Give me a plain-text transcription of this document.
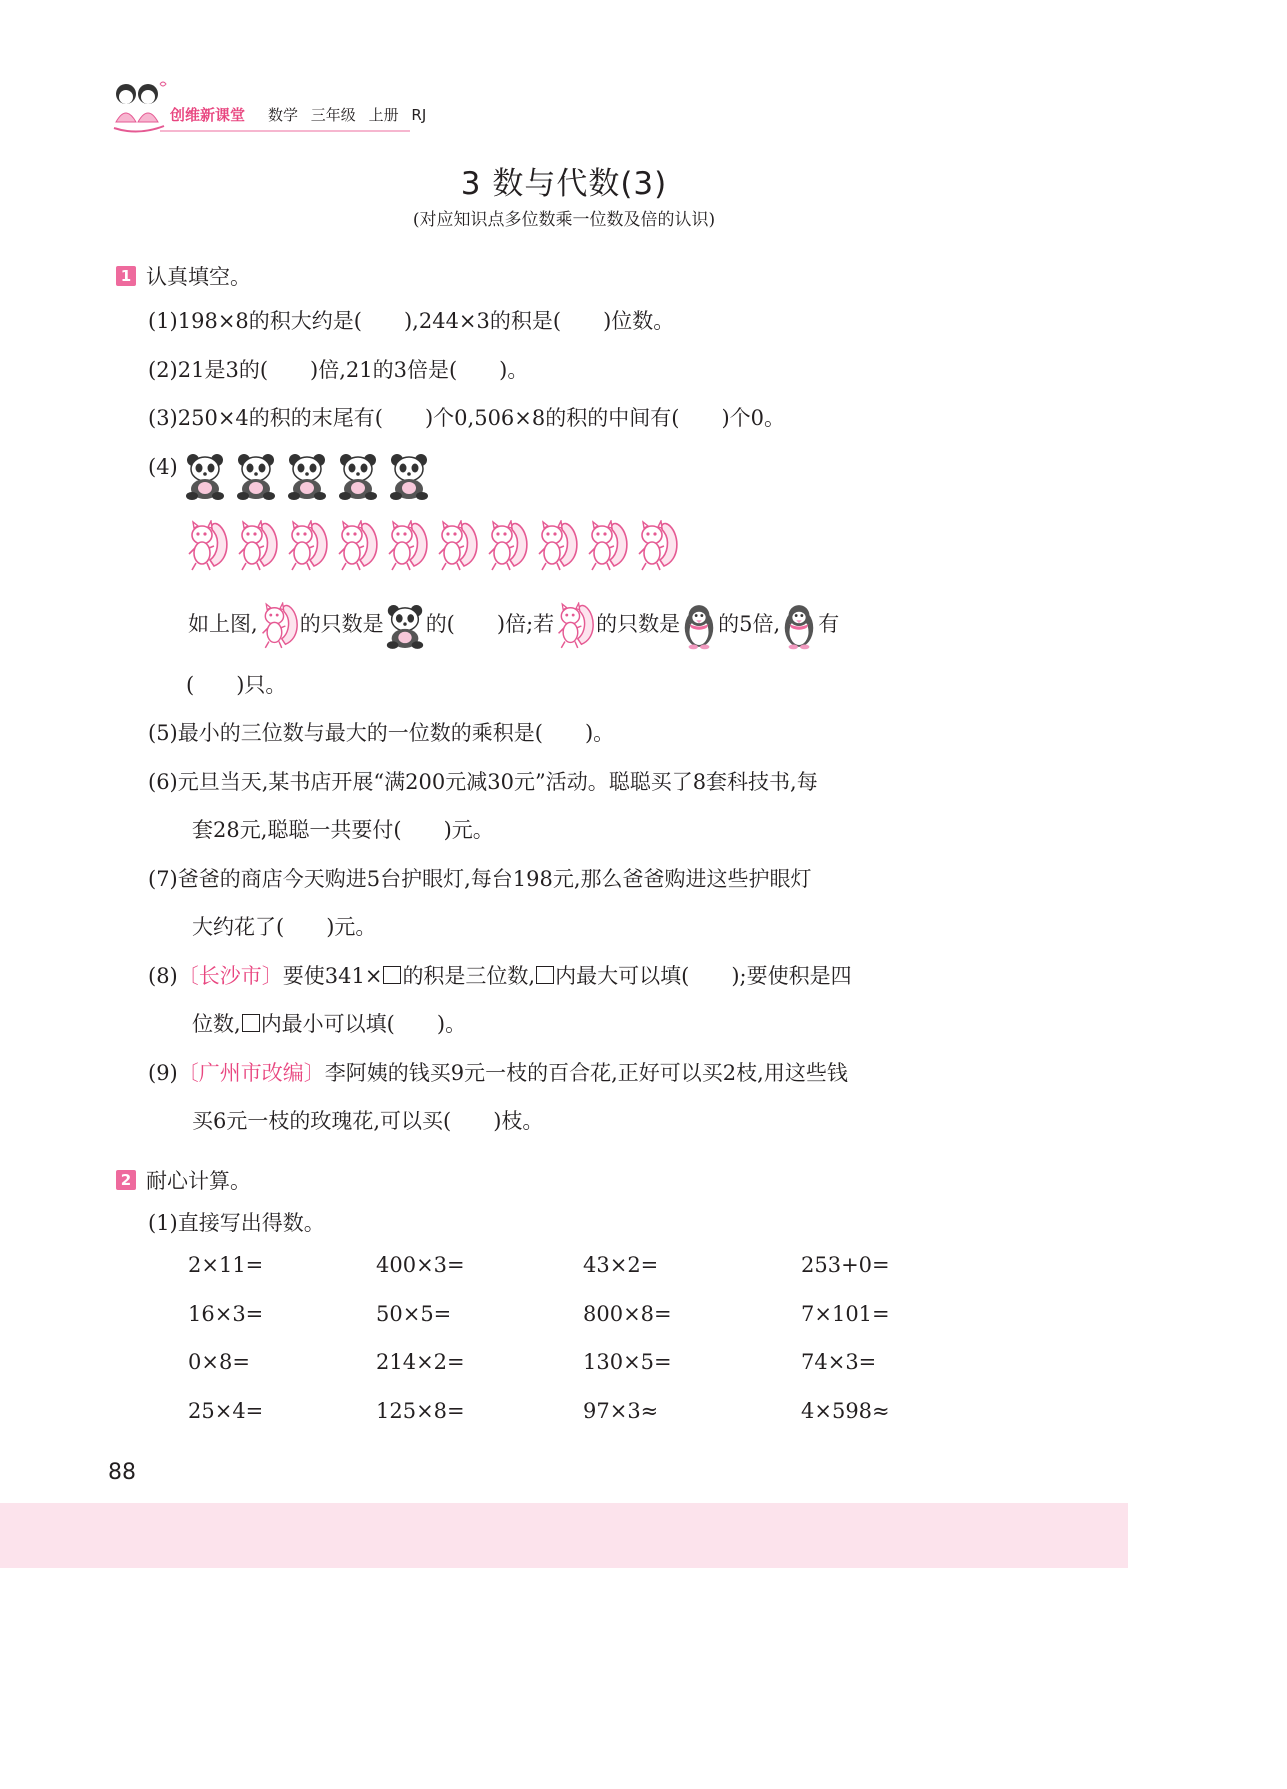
创维新课堂 数学 三年级 上册 RJ
3 数与代数(3)
(对应知识点多位数乘一位数及倍的认识)
1 认真填空。
(1)198×8的积大约是(　　),244×3的积是(　　)位数。
(2)21是3的(　　)倍,21的3倍是(　　)。
(3)250×4的积的末尾有(　　)个0,506×8的积的中间有(　　)个0。
(4)
如上图, 的只数是 的(　　)倍;若 的只数是 的5倍, 有
(　　)只。
(5)最小的三位数与最大的一位数的乘积是(　　)。
(6)元旦当天,某书店开展“满200元减30元”活动。聪聪买了8套科技书,每
套28元,聪聪一共要付(　　)元。
(7)爸爸的商店今天购进5台护眼灯,每台198元,那么爸爸购进这些护眼灯
大约花了(　　)元。
(8)〔长沙市〕要使341× 的积是三位数, 内最大可以填(　　);要使积是四
位数, 内最小可以填(　　)。
(9)〔广州市改编〕李阿姨的钱买9元一枝的百合花,正好可以买2枝,用这些钱
买6元一枝的玫瑰花,可以买(　　)枝。
2 耐心计算。
(1)直接写出得数。
2×11=	400×3=	43×2=	253+0=
16×3=	50×5=	800×8=	7×101=
0×8=	214×2=	130×5=	74×3=
25×4=	125×8=	97×3≈	4×598≈
88
